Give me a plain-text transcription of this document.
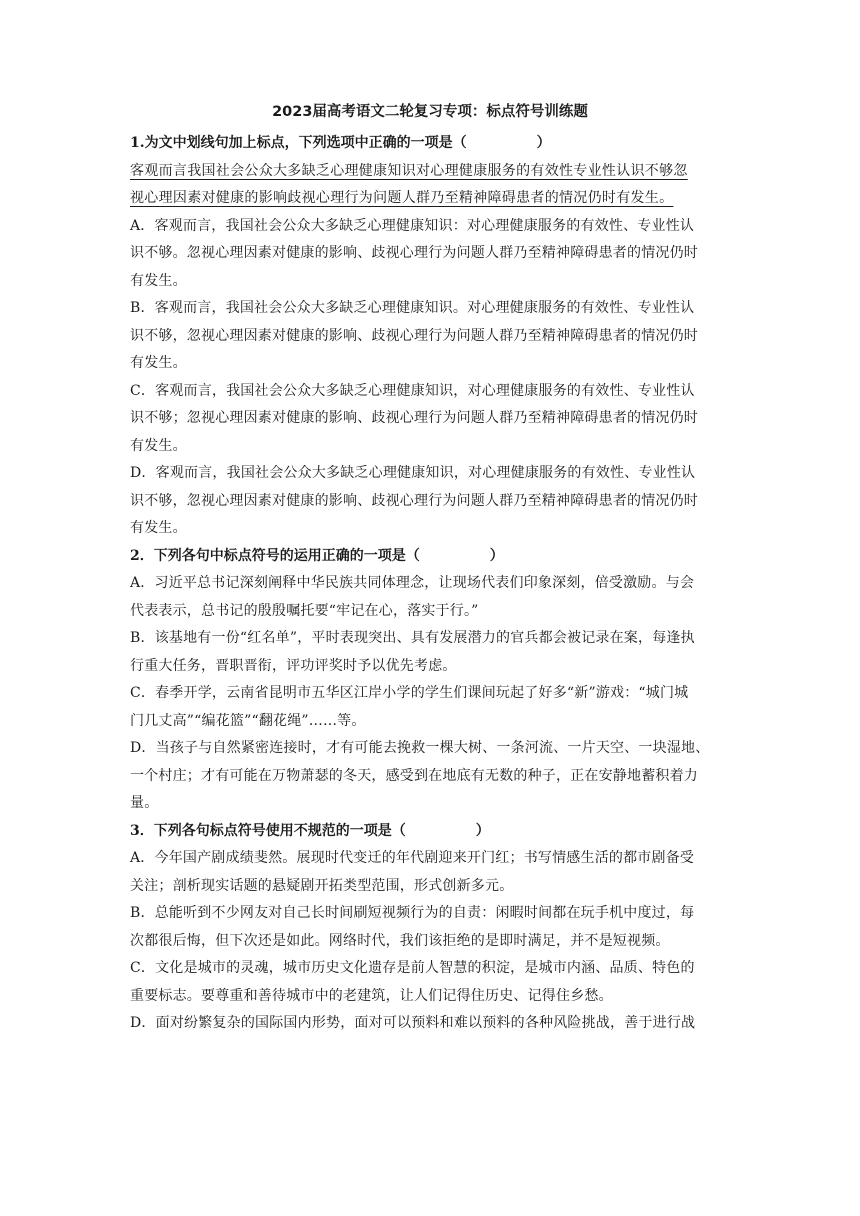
2023届高考语文二轮复习专项：标点符号训练题
1.为文中划线句加上标点，下列选项中正确的一项是（　　　　　）
客观而言我国社会公众大多缺乏心理健康知识对心理健康服务的有效性专业性认识不够忽
视心理因素对健康的影响歧视心理行为问题人群乃至精神障碍患者的情况仍时有发生。
A．客观而言，我国社会公众大多缺乏心理健康知识：对心理健康服务的有效性、专业性认
识不够。忽视心理因素对健康的影响、歧视心理行为问题人群乃至精神障碍患者的情况仍时
有发生。
B．客观而言，我国社会公众大多缺乏心理健康知识。对心理健康服务的有效性、专业性认
识不够，忽视心理因素对健康的影响、歧视心理行为问题人群乃至精神障碍患者的情况仍时
有发生。
C．客观而言，我国社会公众大多缺乏心理健康知识，对心理健康服务的有效性、专业性认
识不够；忽视心理因素对健康的影响、歧视心理行为问题人群乃至精神障碍患者的情况仍时
有发生。
D．客观而言，我国社会公众大多缺乏心理健康知识，对心理健康服务的有效性、专业性认
识不够，忽视心理因素对健康的影响、歧视心理行为问题人群乃至精神障碍患者的情况仍时
有发生。
2．下列各句中标点符号的运用正确的一项是（　　　　　）
A．习近平总书记深刻阐释中华民族共同体理念，让现场代表们印象深刻，倍受激励。与会
代表表示，总书记的殷殷嘱托要“牢记在心，落实于行。”
B．该基地有一份“红名单”，平时表现突出、具有发展潜力的官兵都会被记录在案，每逢执
行重大任务，晋职晋衔，评功评奖时予以优先考虑。
C．春季开学，云南省昆明市五华区江岸小学的学生们课间玩起了好多“新”游戏：“城门城
门几丈高”“编花篮”“翻花绳”……等。
D．当孩子与自然紧密连接时，才有可能去挽救一棵大树、一条河流、一片天空、一块湿地、
一个村庄；才有可能在万物萧瑟的冬天，感受到在地底有无数的种子，正在安静地蓄积着力
量。
3．下列各句标点符号使用不规范的一项是（　　　　　）
A．今年国产剧成绩斐然。展现时代变迁的年代剧迎来开门红；书写情感生活的都市剧备受
关注；剖析现实话题的悬疑剧开拓类型范围，形式创新多元。
B．总能听到不少网友对自己长时间刷短视频行为的自责：闲暇时间都在玩手机中度过，每
次都很后悔，但下次还是如此。网络时代，我们该拒绝的是即时满足，并不是短视频。
C．文化是城市的灵魂，城市历史文化遗存是前人智慧的积淀，是城市内涵、品质、特色的
重要标志。要尊重和善待城市中的老建筑，让人们记得住历史、记得住乡愁。
D．面对纷繁复杂的国际国内形势，面对可以预料和难以预料的各种风险挑战，善于进行战
